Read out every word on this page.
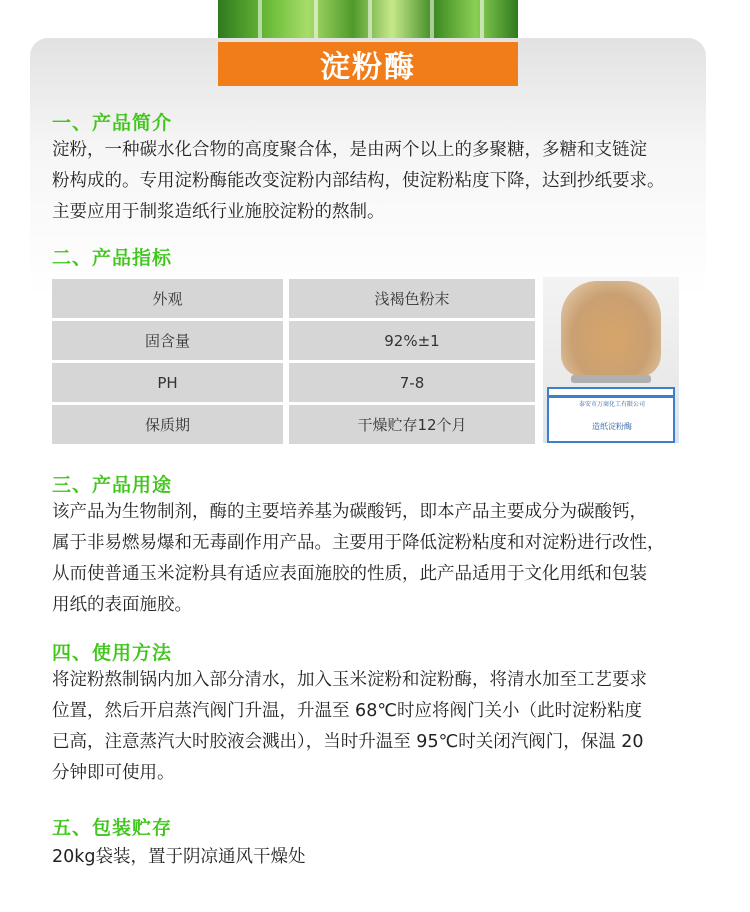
淀粉酶
一、产品简介
淀粉，一种碳水化合物的高度聚合体，是由两个以上的多聚糖，多糖和支链淀
粉构成的。专用淀粉酶能改变淀粉内部结构，使淀粉粘度下降，达到抄纸要求。
主要应用于制浆造纸行业施胶淀粉的熬制。
二、产品指标
外观	浅褐色粉末
固含量	92%±1
PH	7-8
保质期	干燥贮存12个月
泰安市万商化工有限公司
造纸淀粉酶
三、产品用途
该产品为生物制剂，酶的主要培养基为碳酸钙，即本产品主要成分为碳酸钙，
属于非易燃易爆和无毒副作用产品。主要用于降低淀粉粘度和对淀粉进行改性，
从而使普通玉米淀粉具有适应表面施胶的性质，此产品适用于文化用纸和包装
用纸的表面施胶。
四、使用方法
将淀粉熬制锅内加入部分清水，加入玉米淀粉和淀粉酶，将清水加至工艺要求
位置，然后开启蒸汽阀门升温，升温至 68℃时应将阀门关小（此时淀粉粘度
已高，注意蒸汽大时胶液会溅出），当时升温至 95℃时关闭汽阀门，保温 20
分钟即可使用。
五、包装贮存
20kg袋装，置于阴凉通风干燥处
